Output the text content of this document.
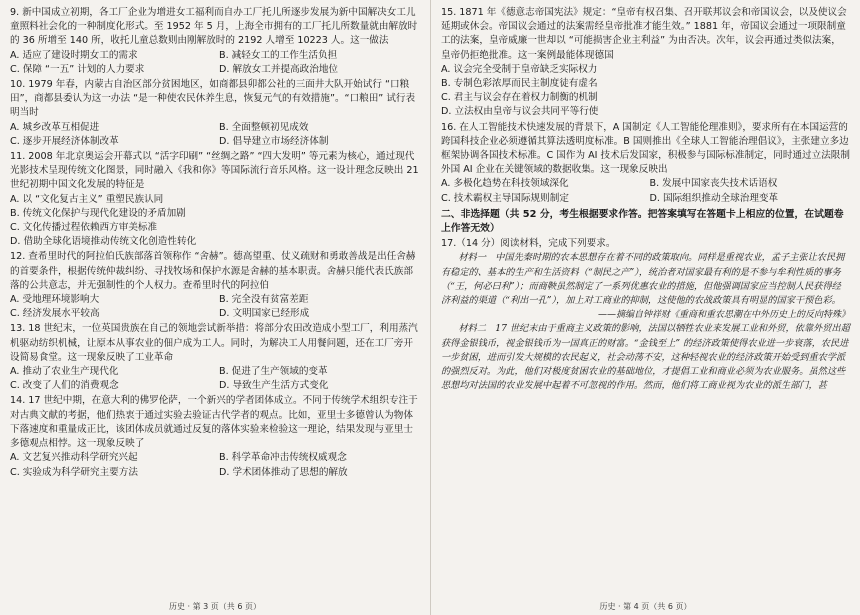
9. 新中国成立初期，各工厂企业为增进女工福利而自办工厂托儿所逐步发展为新中国解决女工儿童照料社会化的一种制度化形式。至 1952 年 5 月，上海全市拥有的工厂托儿所数量就由解放时的 36 所增至 140 所，收托儿童总数则由刚解放时的 2192 人增至 10223 人。这一做法

A. 适应了建设时期女工的需求	B. 减轻女工的工作生活负担
C. 保障 “一五” 计划的人力要求	D. 解放女工并提高政治地位

10. 1979 年春，内蒙古自治区部分贫困地区，如商都县卯都公社的三面井大队开始试行 “口粮田”，商都县委认为这一办法 “是一种使农民休养生息，恢复元气的有效措施”。“口粮田” 试行表明当时

A. 城乡改革互相促进	B. 全面整顿初见成效
C. 逐步开展经济体制改革	D. 倡导建立市场经济体制

11. 2008 年北京奥运会开幕式以 “活字印刷” “丝绸之路” “四大发明” 等元素为核心，通过现代光影技术呈现传统文化图景，同时融入《我和你》等国际流行音乐风格。这一设计理念反映出 21 世纪初期中国文化发展的特征是

A. 以 “文化复古主义” 重塑民族认同
B. 传统文化保护与现代化建设的矛盾加剧
C. 文化传播过程依赖西方审美标准
D. 借助全球化语境推动传统文化创造性转化

12. 查希里时代的阿拉伯氏族部落首领称作 “舍赫”。德高望重、仗义疏财和勇敢善战是出任舍赫的首要条件，根据传统仲裁纠纷、寻找牧场和保护水源是舍赫的基本职责。舍赫只能代表氏族部落的公共意志，并无强制性的个人权力。查希里时代的阿拉伯

A. 受地理环境影响大	B. 完全没有贫富差距
C. 经济发展水平较高	D. 文明国家已经形成

13. 18 世纪末，一位英国贵族在自己的领地尝试新举措：将部分农田改造成小型工厂，利用蒸汽机驱动纺织机械，让原本从事农业的佃户成为工人。同时，为解决工人用餐问题，还在工厂旁开设简易食堂。这一现象反映了工业革命

A. 推动了农业生产现代化	B. 促进了生产领域的变革
C. 改变了人们的消费观念	D. 导致生产生活方式变化

14. 17 世纪中期，在意大利的佛罗伦萨，一个新兴的学者团体成立。不同于传统学术组织专注于对古典文献的考据，他们热衷于通过实验去验证古代学者的观点。比如，亚里士多德曾认为物体下落速度和重量成正比，该团体成员就通过反复的落体实验来检验这一理论，结果发现与亚里士多德观点相悖。这一现象反映了

A. 文艺复兴推动科学研究兴起	B. 科学革命冲击传统权威观念
C. 实验成为科学研究主要方法	D. 学术团体推动了思想的解放
历史 · 第 3 页（共 6 页）

15. 1871 年《德意志帝国宪法》规定：“皇帝有权召集、召开联邦议会和帝国议会，以及使议会延期或休会。帝国议会通过的法案需经皇帝批准才能生效。” 1881 年，帝国议会通过一项限制童工的法案，皇帝威廉一世却以 “可能损害企业主利益” 为由否决。次年，议会再通过类似法案，皇帝仍拒绝批准。这一案例最能体现德国

A. 议会完全受制于皇帝缺乏实际权力
B. 专制色彩浓厚而民主制度徒有虚名
C. 君主与议会存在着权力制衡的机制
D. 立法权由皇帝与议会共同平等行使

16. 在人工智能技术快速发展的背景下，A 国制定《人工智能伦理准则》，要求所有在本国运营的跨国科技企业必须遵循其算法透明度标准。B 国则推出《全球人工智能治理倡议》，主张建立多边框架协调各国技术标准。C 国作为 AI 技术后发国家，积极参与国际标准制定，同时通过立法限制外国 AI 企业在关键领域的数据收集。这一现象反映出

A. 多极化趋势在科技领域深化	B. 发展中国家丧失技术话语权
C. 技术霸权主导国际规则制定	D. 国际组织推动全球治理变革

二、非选择题（共 52 分，考生根据要求作答。把答案填写在答题卡上相应的位置，在试题卷上作答无效）

17.（14 分）阅读材料，完成下列要求。

材料一　中国先秦时期的农本思想存在着不同的政策取向。同样是重视农业，孟子主张让农民拥有稳定的、基本的生产和生活资料（“制民之产”），统治者对国家最有利的是不参与牟利性质的事务（“王，何必曰利”）；而商鞅虽然制定了一系列优惠农业的措施，但他强调国家应当控制人民获得经济利益的渠道（“利出一孔”），加上对工商业的抑制，这使他的农战政策具有明显的国家干预色彩。

——摘编自钟祥财《重商和重农思潮在中外历史上的反向特殊》

材料二　17 世纪末由于重商主义政策的影响，法国以牺牲农业来发展工业和外贸，依靠外贸出超获得金银钱币，视金银钱币为一国真正的财富。“金钱至上” 的经济政策使得农业进一步衰落，农民进一步贫困，进而引发大规模的农民起义，社会动荡不安，这种轻视农业的经济政策开始受到重农学派的强烈反对。为此，他们对极度贫困农业的基础地位，才提倡工业和商业必须为农业服务。虽然这些思想均对法国的农业发展中起着不可忽视的作用。然而，他们将工商业视为农业的派生部门，甚

历史 · 第 4 页（共 6 页）
